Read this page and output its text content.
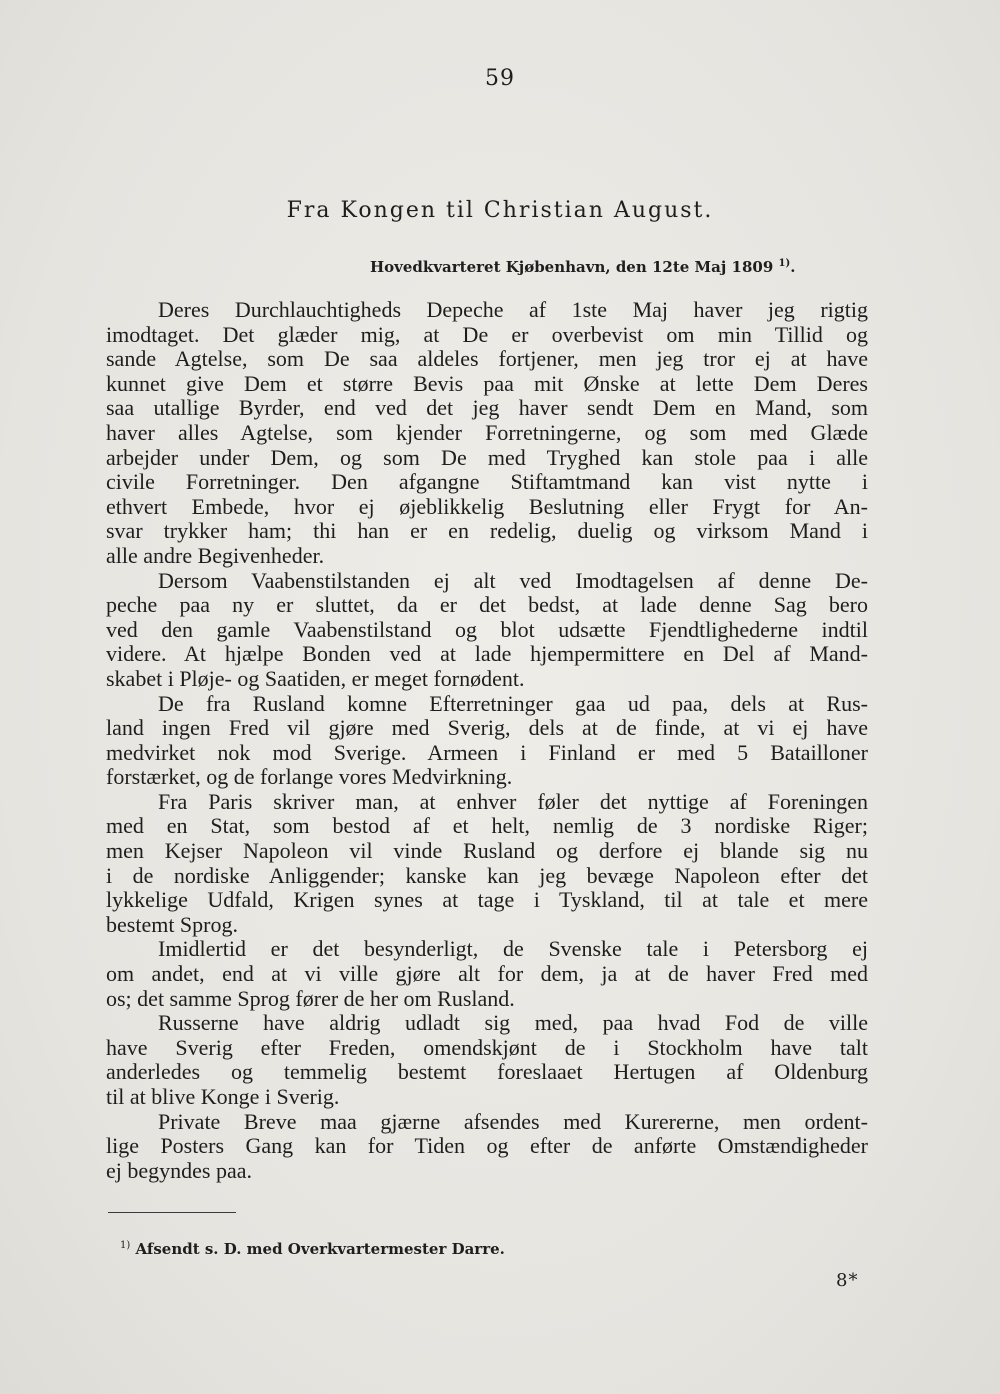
59
Fra Kongen til Christian August.
Hovedkvarteret Kjøbenhavn, den 12te Maj 1809 $^{1)}$.
Deres Durchlauchtigheds Depeche af 1ste Maj haver jeg rigtig
imodtaget. Det glæder mig, at De er overbevist om min Tillid og
sande Agtelse, som De saa aldeles fortjener, men jeg tror ej at have
kunnet give Dem et større Bevis paa mit Ønske at lette Dem Deres
saa utallige Byrder, end ved det jeg haver sendt Dem en Mand, som
haver alles Agtelse, som kjender Forretningerne, og som med Glæde
arbejder under Dem, og som De med Tryghed kan stole paa i alle
civile Forretninger. Den afgangne Stiftamtmand kan vist nytte i
ethvert Embede, hvor ej øjeblikkelig Beslutning eller Frygt for An-
svar trykker ham; thi han er en redelig, duelig og virksom Mand i
alle andre Begivenheder.
Dersom Vaabenstilstanden ej alt ved Imodtagelsen af denne De-
peche paa ny er sluttet, da er det bedst, at lade denne Sag bero
ved den gamle Vaabenstilstand og blot udsætte Fjendtlighederne indtil
videre. At hjælpe Bonden ved at lade hjempermittere en Del af Mand-
skabet i Pløje- og Saatiden, er meget fornødent.
De fra Rusland komne Efterretninger gaa ud paa, dels at Rus-
land ingen Fred vil gjøre med Sverig, dels at de finde, at vi ej have
medvirket nok mod Sverige. Armeen i Finland er med 5 Batailloner
forstærket, og de forlange vores Medvirkning.
Fra Paris skriver man, at enhver føler det nyttige af Foreningen
med en Stat, som bestod af et helt, nemlig de 3 nordiske Riger;
men Kejser Napoleon vil vinde Rusland og derfore ej blande sig nu
i de nordiske Anliggender; kanske kan jeg bevæge Napoleon efter det
lykkelige Udfald, Krigen synes at tage i Tyskland, til at tale et mere
bestemt Sprog.
Imidlertid er det besynderligt, de Svenske tale i Petersborg ej
om andet, end at vi ville gjøre alt for dem, ja at de haver Fred med
os; det samme Sprog fører de her om Rusland.
Russerne have aldrig udladt sig med, paa hvad Fod de ville
have Sverig efter Freden, omendskjønt de i Stockholm have talt
anderledes og temmelig bestemt foreslaaet Hertugen af Oldenburg
til at blive Konge i Sverig.
Private Breve maa gjærne afsendes med Kurererne, men ordent-
lige Posters Gang kan for Tiden og efter de anførte Omstændigheder
ej begyndes paa.
$^{1)}$ Afsendt s. D. med Overkvartermester Darre.
8*
